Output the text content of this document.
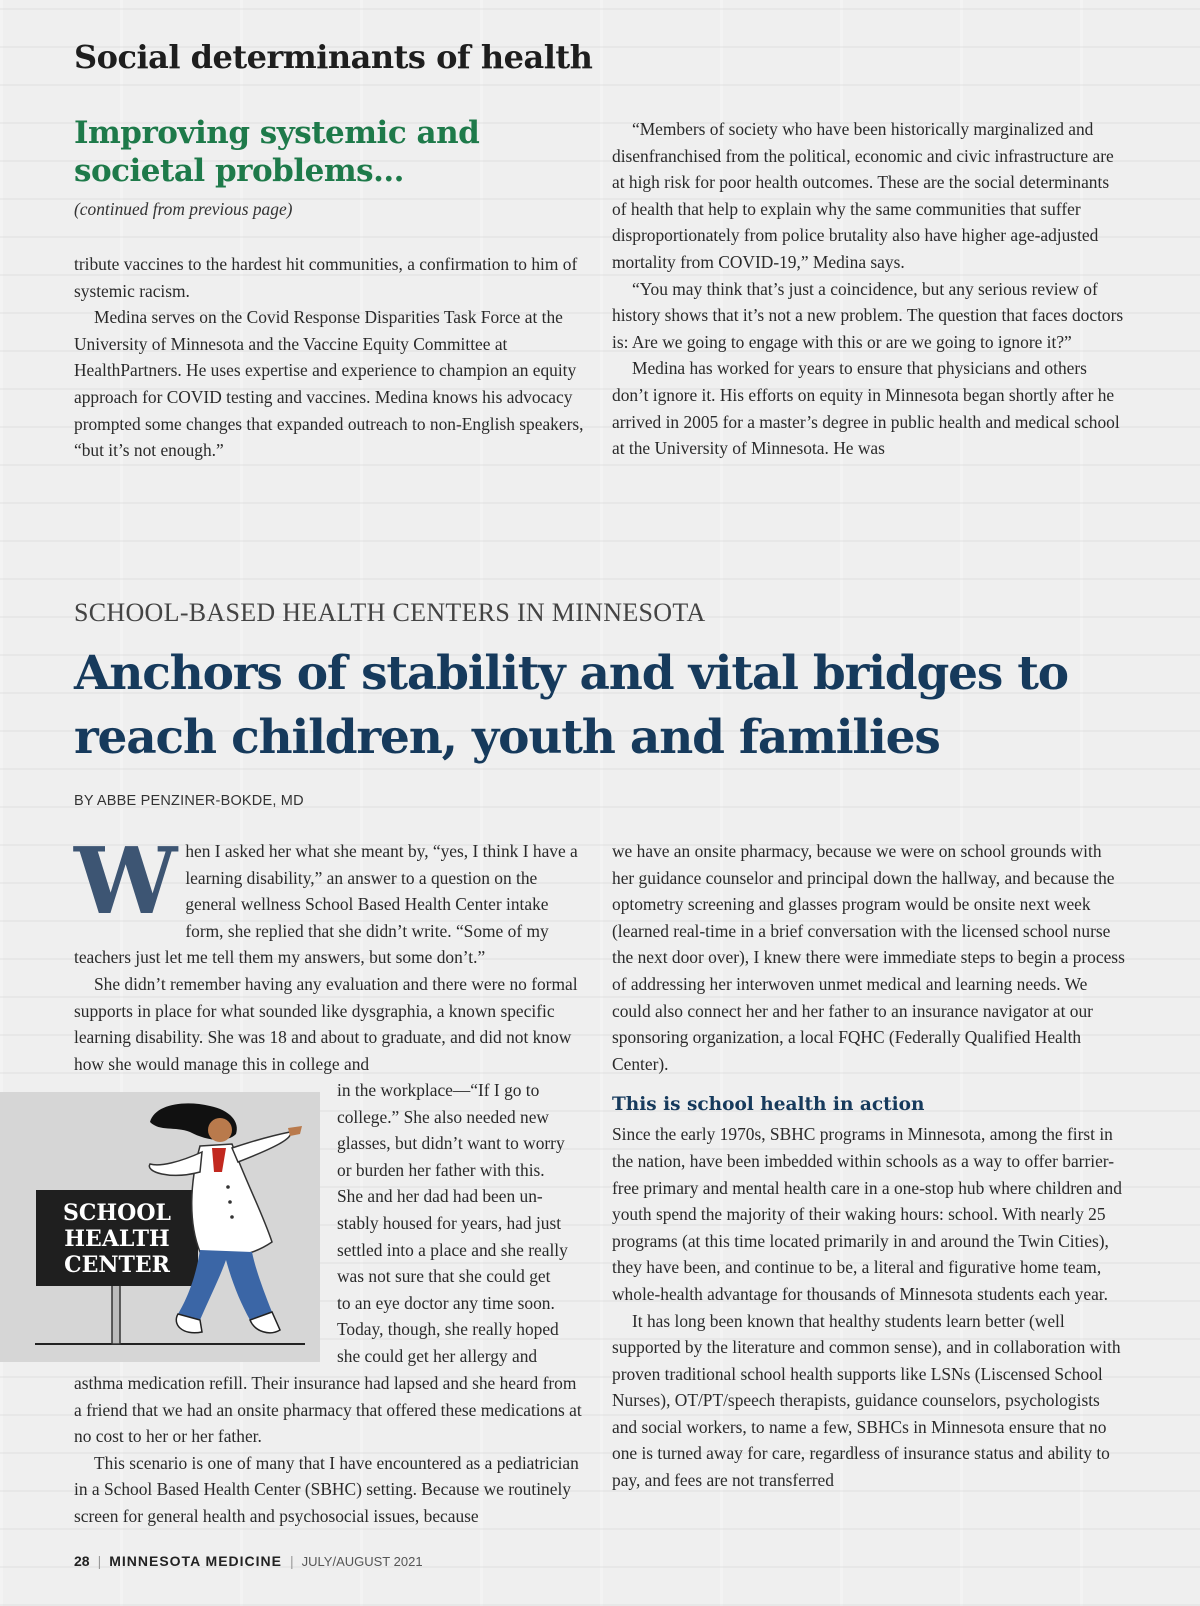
Social determinants of health
Improving systemic and societal problems...
(continued from previous page)

tribute vaccines to the hardest hit communities, a confirmation to him of systemic racism.

Medina serves on the Covid Response Disparities Task Force at the University of Minnesota and the Vaccine Equity Committee at HealthPartners. He uses expertise and experience to champion an equity approach for COVID testing and vaccines. Medina knows his advocacy prompted some changes that expanded outreach to non-English speakers, “but it’s not enough.”

“Members of society who have been historically marginalized and disenfranchised from the political, economic and civic infrastructure are at high risk for poor health outcomes. These are the social determinants of health that help to explain why the same communities that suffer disproportionately from police brutality also have higher age-adjusted mortality from COVID-19,” Medina says.

“You may think that’s just a coincidence, but any serious review of history shows that it’s not a new problem. The question that faces doctors is: Are we going to engage with this or are we going to ignore it?”

Medina has worked for years to ensure that physicians and others don’t ignore it. His efforts on equity in Minnesota began shortly after he arrived in 2005 for a master’s degree in public health and medical school at the University of Minnesota. He was

SCHOOL-BASED HEALTH CENTERS IN MINNESOTA
Anchors of stability and vital bridges to reach children, youth and families
BY ABBE PENZINER-BOKDE, MD

When I asked her what she meant by, “yes, I think I have a learning disability,” an answer to a question on the general wellness School Based Health Center intake form, she replied that she didn’t write. “Some of my teachers just let me tell them my answers, but some don’t.”

She didn’t remember having any evaluation and there were no formal supports in place for what sounded like dysgraphia, a known specific learning disability. She was 18 and about to graduate, and did not know how she would manage this in college and

in the workplace—“If I go to
college.” She also needed new
glasses, but didn’t want to worry
or burden her father with this.
She and her dad had been un-
stably housed for years, had just
settled into a place and she really
was not sure that she could get
to an eye doctor any time soon.
Today, though, she really hoped
she could get her allergy and
SCHOOL
HEALTH
CENTER

asthma medication refill. Their insurance had lapsed and she heard from a friend that we had an onsite pharmacy that offered these medications at no cost to her or her father.

This scenario is one of many that I have encountered as a pediatrician in a School Based Health Center (SBHC) setting. Because we routinely screen for general health and psychosocial issues, because

we have an onsite pharmacy, because we were on school grounds with her guidance counselor and principal down the hallway, and because the optometry screening and glasses program would be onsite next week (learned real-time in a brief conversation with the licensed school nurse the next door over), I knew there were immediate steps to begin a process of addressing her interwoven unmet medical and learning needs. We could also connect her and her father to an insurance navigator at our sponsoring organization, a local FQHC (Federally Qualified Health Center).

This is school health in action

Since the early 1970s, SBHC programs in Minnesota, among the first in the nation, have been imbedded within schools as a way to offer barrier-free primary and mental health care in a one-stop hub where children and youth spend the majority of their waking hours: school. With nearly 25 programs (at this time located primarily in and around the Twin Cities), they have been, and continue to be, a literal and figurative home team, whole-health advantage for thousands of Minnesota students each year.

It has long been known that healthy students learn better (well supported by the literature and common sense), and in collaboration with proven traditional school health supports like LSNs (Liscensed School Nurses), OT/PT/speech therapists, guidance counselors, psychologists and social workers, to name a few, SBHCs in Minnesota ensure that no one is turned away for care, regardless of insurance status and ability to pay, and fees are not transferred

28 | MINNESOTA MEDICINE | JULY/AUGUST 2021
